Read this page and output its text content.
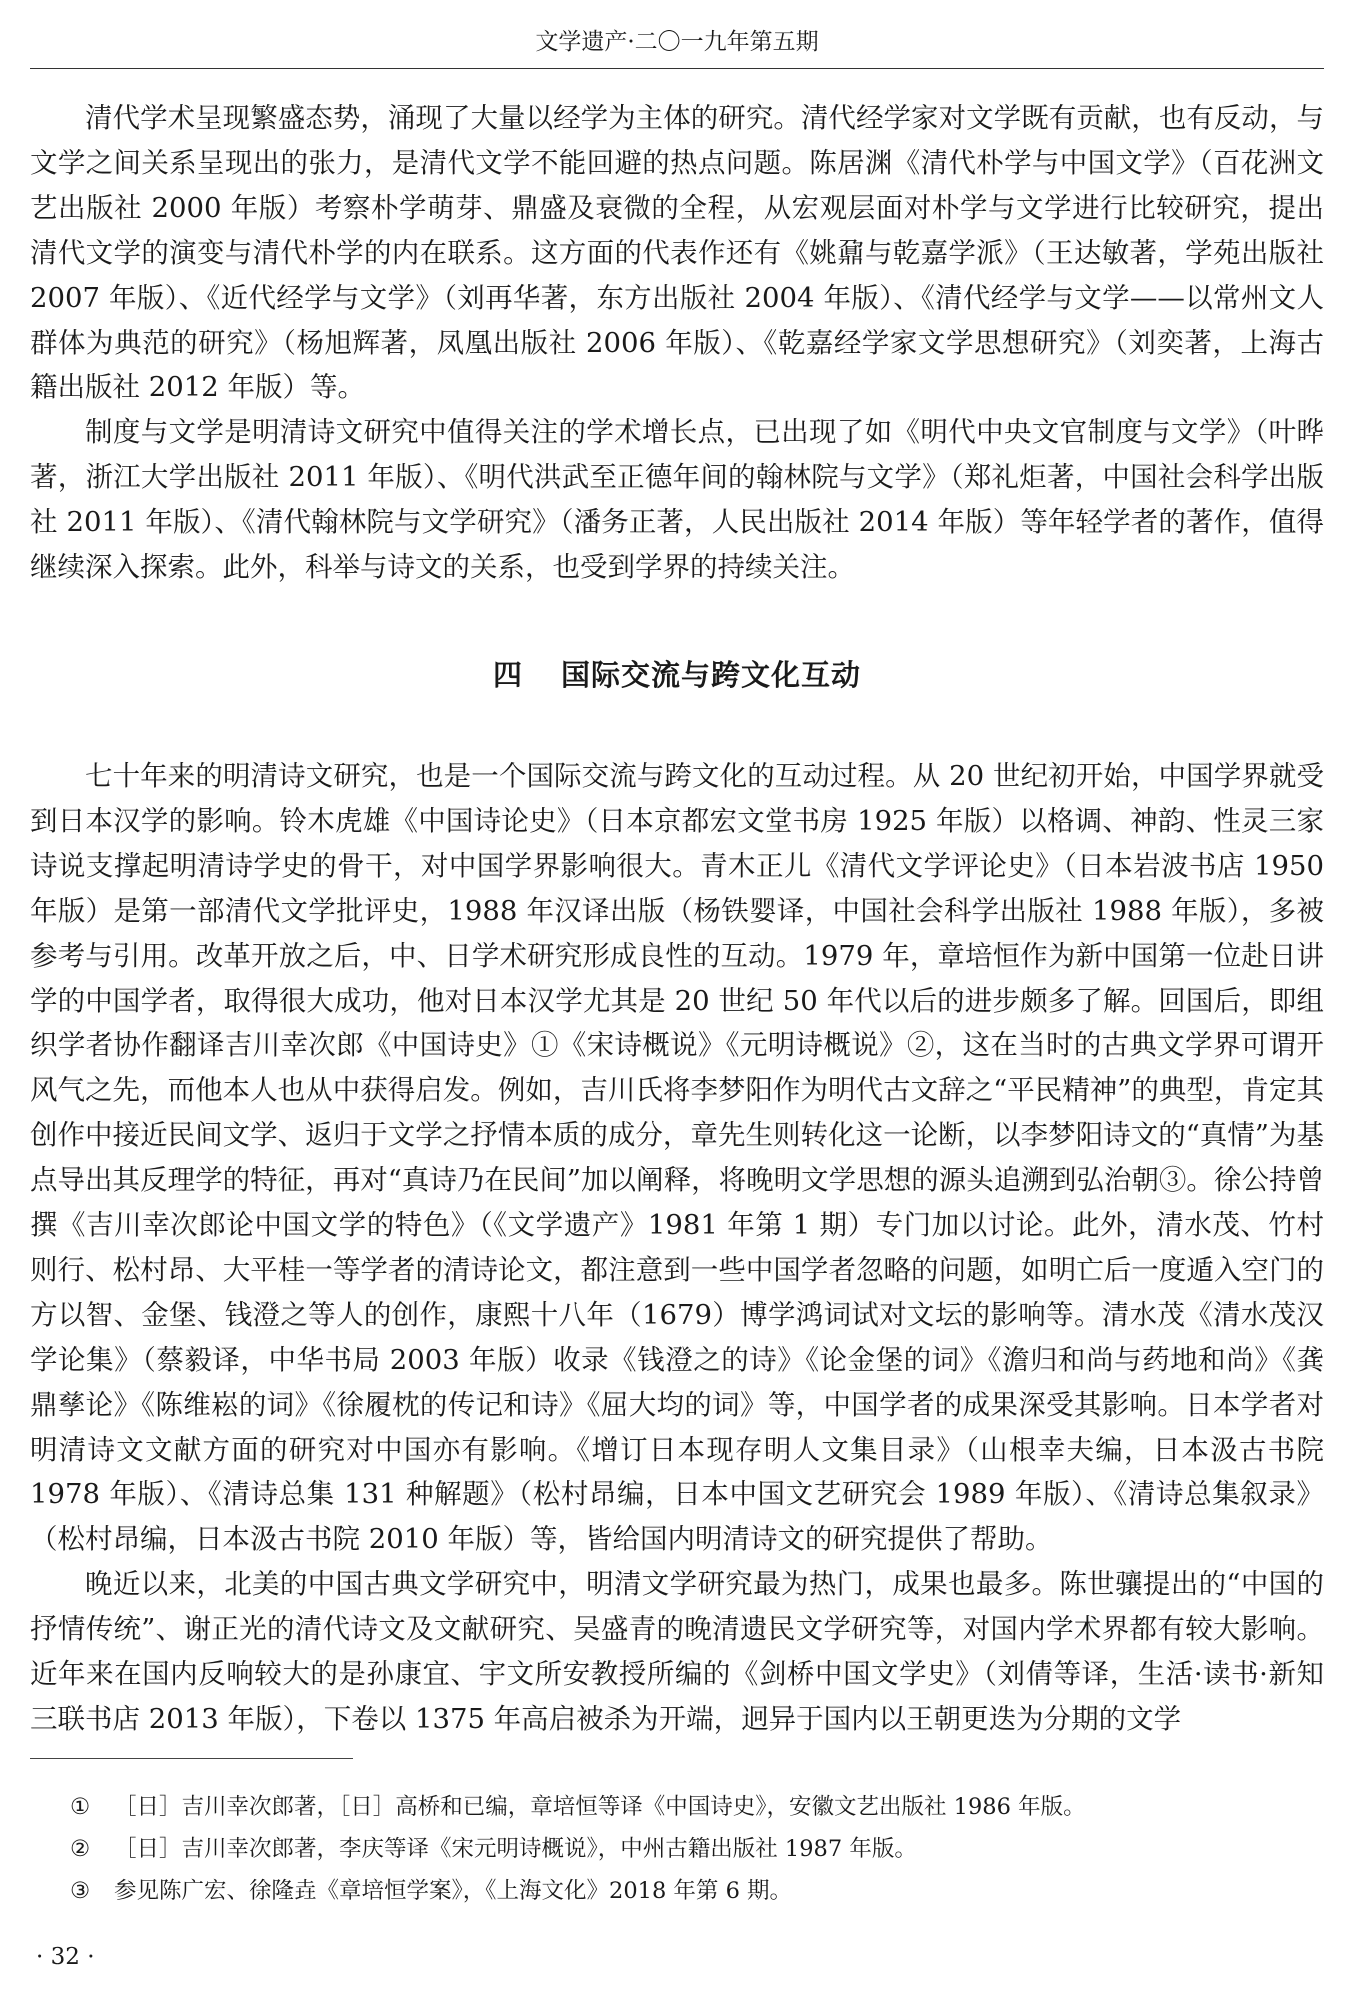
文学遗产·二〇一九年第五期

清代学术呈现繁盛态势，涌现了大量以经学为主体的研究。清代经学家对文学既有贡献，也有反动，与文学之间关系呈现出的张力，是清代文学不能回避的热点问题。陈居渊《清代朴学与中国文学》（百花洲文艺出版社 2000 年版）考察朴学萌芽、鼎盛及衰微的全程，从宏观层面对朴学与文学进行比较研究，提出清代文学的演变与清代朴学的内在联系。这方面的代表作还有《姚鼐与乾嘉学派》（王达敏著，学苑出版社 2007 年版）、《近代经学与文学》（刘再华著，东方出版社 2004 年版）、《清代经学与文学——以常州文人群体为典范的研究》（杨旭辉著，凤凰出版社 2006 年版）、《乾嘉经学家文学思想研究》（刘奕著，上海古籍出版社 2012 年版）等。

制度与文学是明清诗文研究中值得关注的学术增长点，已出现了如《明代中央文官制度与文学》（叶晔著，浙江大学出版社 2011 年版）、《明代洪武至正德年间的翰林院与文学》（郑礼炬著，中国社会科学出版社 2011 年版）、《清代翰林院与文学研究》（潘务正著，人民出版社 2014 年版）等年轻学者的著作，值得继续深入探索。此外，科举与诗文的关系，也受到学界的持续关注。

四 国际交流与跨文化互动

七十年来的明清诗文研究，也是一个国际交流与跨文化的互动过程。从 20 世纪初开始，中国学界就受到日本汉学的影响。铃木虎雄《中国诗论史》（日本京都宏文堂书房 1925 年版）以格调、神韵、性灵三家诗说支撑起明清诗学史的骨干，对中国学界影响很大。青木正儿《清代文学评论史》（日本岩波书店 1950 年版）是第一部清代文学批评史，1988 年汉译出版（杨铁婴译，中国社会科学出版社 1988 年版），多被参考与引用。改革开放之后，中、日学术研究形成良性的互动。1979 年，章培恒作为新中国第一位赴日讲学的中国学者，取得很大成功，他对日本汉学尤其是 20 世纪 50 年代以后的进步颇多了解。回国后，即组织学者协作翻译吉川幸次郎《中国诗史》①《宋诗概说》《元明诗概说》②，这在当时的古典文学界可谓开风气之先，而他本人也从中获得启发。例如，吉川氏将李梦阳作为明代古文辞之“平民精神”的典型，肯定其创作中接近民间文学、返归于文学之抒情本质的成分，章先生则转化这一论断，以李梦阳诗文的“真情”为基点导出其反理学的特征，再对“真诗乃在民间”加以阐释，将晚明文学思想的源头追溯到弘治朝③。徐公持曾撰《吉川幸次郎论中国文学的特色》（《文学遗产》1981 年第 1 期）专门加以讨论。此外，清水茂、竹村则行、松村昂、大平桂一等学者的清诗论文，都注意到一些中国学者忽略的问题，如明亡后一度遁入空门的方以智、金堡、钱澄之等人的创作，康熙十八年（1679）博学鸿词试对文坛的影响等。清水茂《清水茂汉学论集》（蔡毅译，中华书局 2003 年版）收录《钱澄之的诗》《论金堡的词》《澹归和尚与药地和尚》《龚鼎孳论》《陈维崧的词》《徐履枕的传记和诗》《屈大均的词》等，中国学者的成果深受其影响。日本学者对明清诗文文献方面的研究对中国亦有影响。《增订日本现存明人文集目录》（山根幸夫编，日本汲古书院 1978 年版）、《清诗总集 131 种解题》（松村昂编，日本中国文艺研究会 1989 年版）、《清诗总集叙录》（松村昂编，日本汲古书院 2010 年版）等，皆给国内明清诗文的研究提供了帮助。

晚近以来，北美的中国古典文学研究中，明清文学研究最为热门，成果也最多。陈世骧提出的“中国的抒情传统”、谢正光的清代诗文及文献研究、吴盛青的晚清遗民文学研究等，对国内学术界都有较大影响。近年来在国内反响较大的是孙康宜、宇文所安教授所编的《剑桥中国文学史》（刘倩等译，生活·读书·新知三联书店 2013 年版），下卷以 1375 年高启被杀为开端，迥异于国内以王朝更迭为分期的文学

①	［日］吉川幸次郎著，［日］高桥和已编，章培恒等译《中国诗史》，安徽文艺出版社 1986 年版。
②	［日］吉川幸次郎著，李庆等译《宋元明诗概说》，中州古籍出版社 1987 年版。
③	参见陈广宏、徐隆垚《章培恒学案》，《上海文化》2018 年第 6 期。
· 32 ·
